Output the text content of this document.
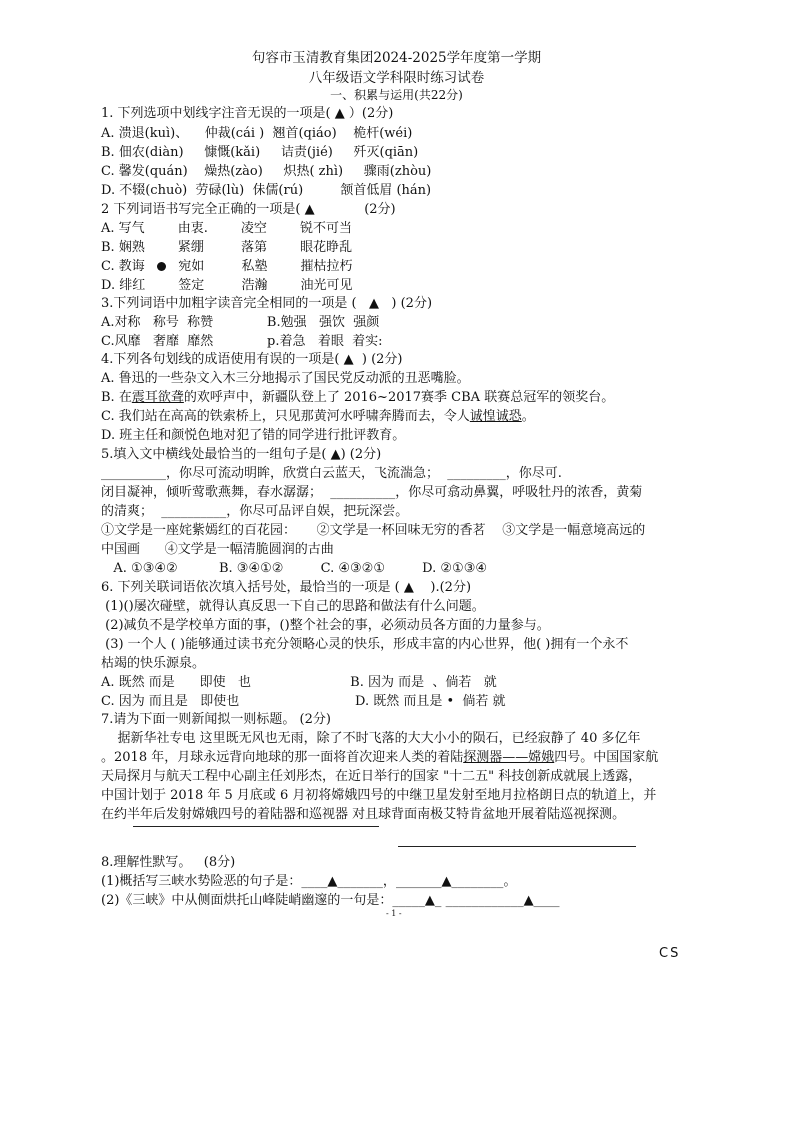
句容市玉清教育集团2024-2025学年度第一学期
八年级语文学科限时练习试卷
一、积累与运用(共22分)
1. 下列选项中划线字注音无误的一项是( ▲ ）(2分)
A. 溃退(kuì)、    仲裁(cái )  翘首(qiáo)    桅杆(wéi)
B. 佃农(diàn)     慷慨(kǎi)     诘责(jié)     歼灭(qiān)
C. 馨发(quán)    燥热(zào)     炽热( zhì)     骤雨(zhòu)
D. 不辍(chuò)  劳碌(lù)  佅儒(rú)         颔首低眉 (hán)
2 下列词语书写完全正确的一项是( ▲            (2分)
A. 写气        由衷.        凌空        锐不可当
B. 娴熟        紧绷         落第        眼花睁乱
C. 教诲    宛如         私塾        摧枯拉朽
D. 绯红        签定         浩瀚        油光可见
3.下列词语中加粗字读音完全相同的一项是 (   ▲   ) (2分)
A.对称   称号  称赞             B.勉强   强饮  强颜
C.风靡   奢靡  靡然             p.着急   着眼  着实:
4.下列各句划线的成语使用有误的一项是( ▲  ) (2分)
A. 鲁迅的一些杂文入木三分地揭示了国民党反动派的丑恶嘴脸。
B. 在震耳欲聋的欢呼声中，新疆队登上了 2016~2017赛季 CBA 联赛总冠军的领奖台。
C. 我们站在高高的铁索桥上，只见那黄河水呼啸奔腾而去，令人诚惶诚恐。
D. 班主任和颜悦色地对犯了错的同学进行批评教育。
5.填入文中横线处最恰当的一组句子是( ▲) (2分)
__________，你尽可流动明眸，欣赏白云蓝天，飞流湍急；  _________，你尽可.
闭目凝神，倾听莺歌燕舞，春水潺潺；  __________，你尽可翕动鼻翼，呼吸牡丹的浓香，黄菊
的清爽；  __________，你尽可品评自娱，把玩深尝。
①文学是一座姹紫嫣红的百花园：     ②文学是一杯回味无穷的香茗    ③文学是一幅意境高远的
中国画      ④文学是一幅清脆圆润的古曲
A. ①③④②          B. ③④①②         C. ④③②①         D. ②①③④
6. 下列关联词语依次填入括号处，最恰当的一项是 ( ▲    ).(2分)
(1)()屡次碰壁，就得认真反思一下自己的思路和做法有什么问题。
(2)减负不是学校单方面的事，()整个社会的事，必须动员各方面的力量参与。
(3) 一个人 ( )能够通过读书充分领略心灵的快乐，形成丰富的内心世界，他( )拥有一个永不
枯竭的快乐源泉。
A. 既然 而是      即使   也                        B. 因为 而是  、倘若   就
C. 因为 而且是   即使也                            D. 既然 而且是 •  倘若 就
7.请为下面一则新闻拟一则标题。 (2分)
据新华社专电 这里既无风也无雨，除了不时飞落的大大小小的陨石，已经寂静了 40 多亿年
。2018 年，月球永远背向地球的那一面将首次迎来人类的着陆探测器——嫦娥四号。中国国家航
天局探月与航天工程中心副主任刘彤杰，在近日举行的国家 "十二五" 科技创新成就展上透露，
中国计划于 2018 年 5 月底或 6 月初将嫦娥四号的中继卫星发射至地月拉格朗日点的轨道上，并
在约半年后发射嫦娥四号的着陆器和巡视器 对且球背面南极艾特肯盆地开展着陆巡视探测。
8.理解性默写。   (8分)
(1)概括写三峡水势险恶的句子是：____▲_______，_______▲________。
(2)《三峡》中从侧面烘托山峰陡峭幽邃的一句是：_____▲_ ____________▲____
- 1 -
CS
